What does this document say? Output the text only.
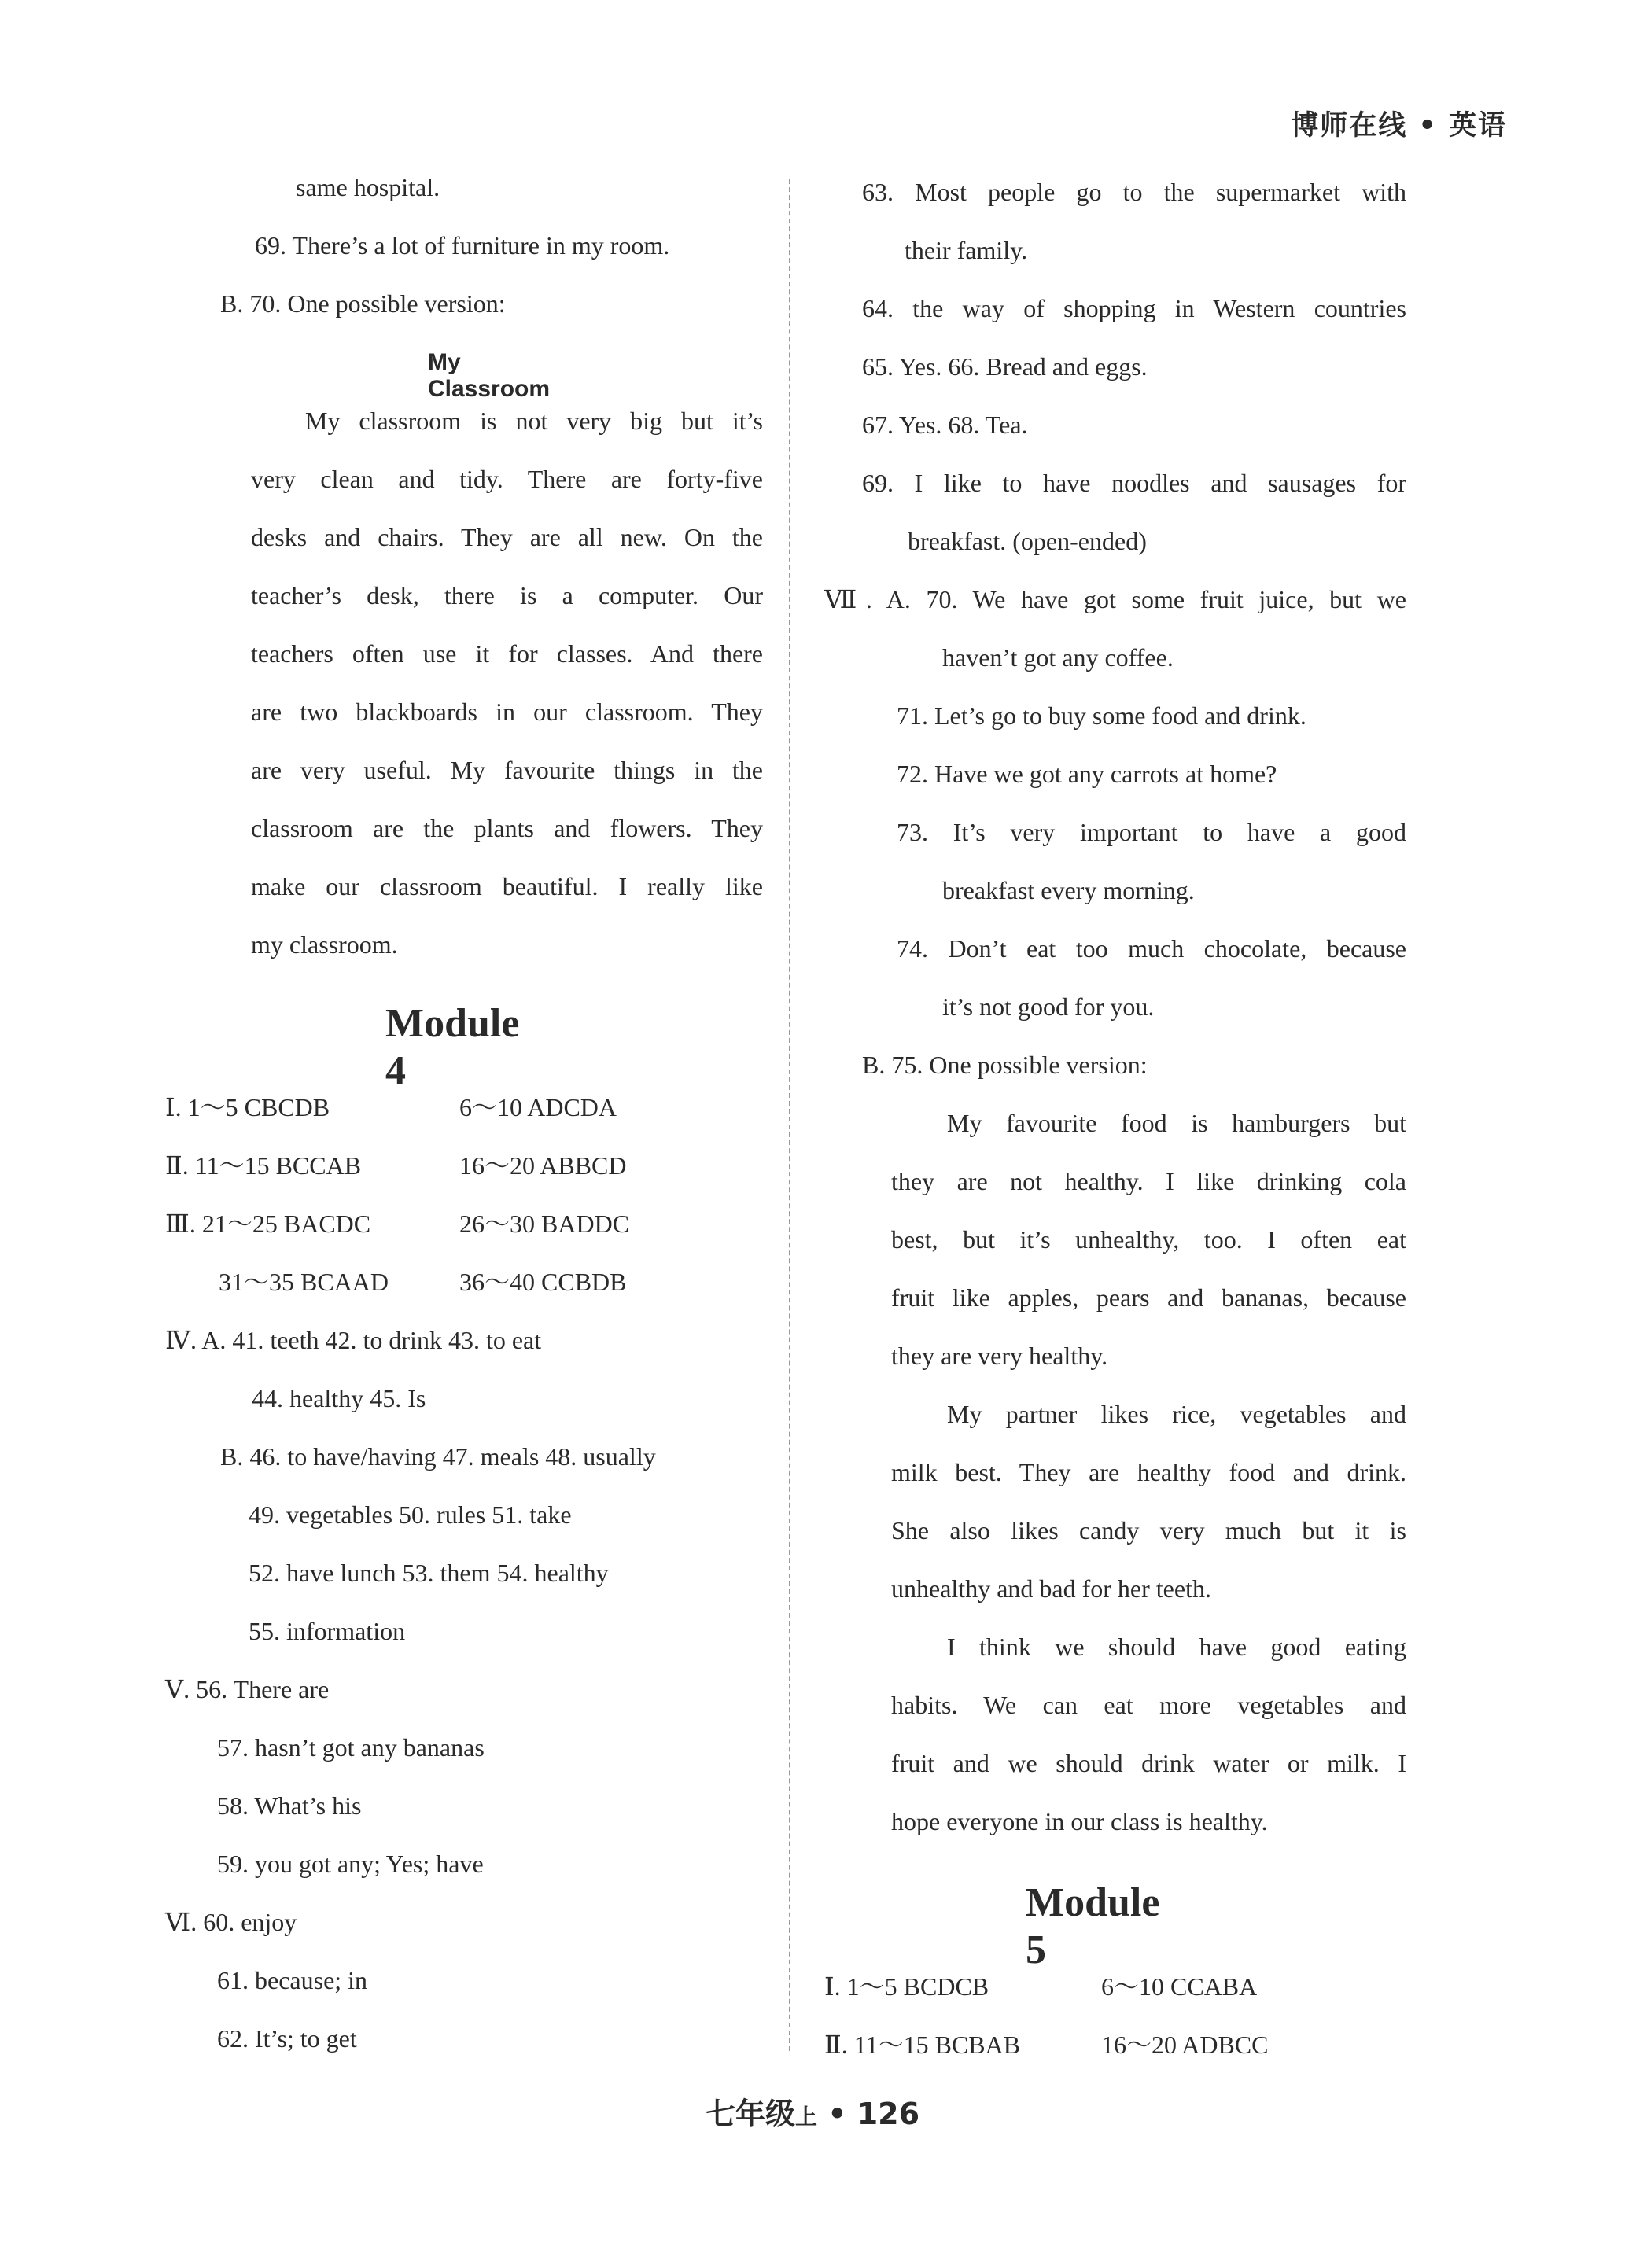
博师在线 • 英语
same hospital.
69. There’s a lot of furniture in my room.
B. 70. One possible version:
My Classroom
My classroom is not very big but it’s
very clean and tidy. There are forty-five
desks and chairs. They are all new. On the
teacher’s desk, there is a computer. Our
teachers often use it for classes. And there
are two blackboards in our classroom. They
are very useful. My favourite things in the
classroom are the plants and flowers. They
make our classroom beautiful. I really like
my classroom.
Module 4
Ⅰ. 1～5 CBCDB	6～10 ADCDA
Ⅱ. 11～15 BCCAB	16～20 ABBCD
Ⅲ. 21～25 BACDC	26～30 BADDC
31～35 BCAAD	36～40 CCBDB
Ⅳ. A. 41. teeth 42. to drink 43. to eat
44. healthy 45. Is
B. 46. to have/having 47. meals 48. usually
49. vegetables 50. rules 51. take
52. have lunch 53. them 54. healthy
55. information
Ⅴ. 56. There are
57. hasn’t got any bananas
58. What’s his
59. you got any; Yes; have
Ⅵ. 60. enjoy
61. because; in
62. It’s; to get
63. Most people go to the supermarket with
their family.
64. the way of shopping in Western countries
65. Yes. 66. Bread and eggs.
67. Yes. 68. Tea.
69. I like to have noodles and sausages for
breakfast. (open-ended)
Ⅶ. A. 70. We have got some fruit juice, but we
haven’t got any coffee.
71. Let’s go to buy some food and drink.
72. Have we got any carrots at home?
73. It’s very important to have a good
breakfast every morning.
74. Don’t eat too much chocolate, because
it’s not good for you.
B. 75. One possible version:
My favourite food is hamburgers but
they are not healthy. I like drinking cola
best, but it’s unhealthy, too. I often eat
fruit like apples, pears and bananas, because
they are very healthy.
My partner likes rice, vegetables and
milk best. They are healthy food and drink.
She also likes candy very much but it is
unhealthy and bad for her teeth.
I think we should have good eating
habits. We can eat more vegetables and
fruit and we should drink water or milk. I
hope everyone in our class is healthy.
Module 5
Ⅰ. 1～5 BCDCB	6～10 CCABA
Ⅱ. 11～15 BCBAB	16～20 ADBCC
七年级上 • 126
